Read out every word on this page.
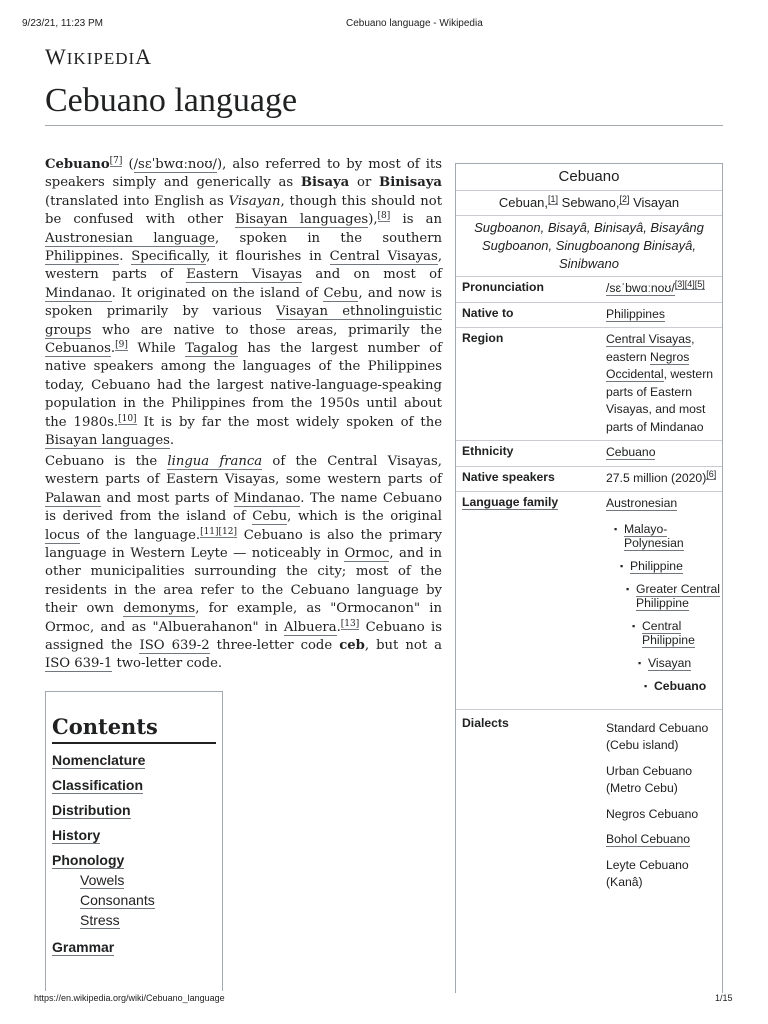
9/23/21, 11:23 PM	Cebuano language - Wikipedia
WIKIPEDIA
Cebuano language
Cebuano[7] (/sɛˈbwɑːnoʊ/), also referred to by most of its speakers simply and generically as Bisaya or Binisaya (translated into English as Visayan, though this should not be confused with other Bisayan languages),[8] is an Austronesian language, spoken in the southern Philippines. Specifically, it flourishes in Central Visayas, western parts of Eastern Visayas and on most of Mindanao. It originated on the island of Cebu, and now is spoken primarily by various Visayan ethnolinguistic groups who are native to those areas, primarily the Cebuanos.[9] While Tagalog has the largest number of native speakers among the languages of the Philippines today, Cebuano had the largest native-language-speaking population in the Philippines from the 1950s until about the 1980s.[10] It is by far the most widely spoken of the Bisayan languages.
Cebuano is the lingua franca of the Central Visayas, western parts of Eastern Visayas, some western parts of Palawan and most parts of Mindanao. The name Cebuano is derived from the island of Cebu, which is the original locus of the language.[11][12] Cebuano is also the primary language in Western Leyte — noticeably in Ormoc, and in other municipalities surrounding the city; most of the residents in the area refer to the Cebuano language by their own demonyms, for example, as "Ormocanon" in Ormoc, and as "Albuerahanon" in Albuera.[13] Cebuano is assigned the ISO 639-2 three-letter code ceb, but not a ISO 639-1 two-letter code.
Contents
Nomenclature
Classification
Distribution
History
Phonology
Vowels
Consonants
Stress
Grammar
Cebuano
Cebuan,[1] Sebwano,[2] Visayan
Sugboanon, Bisayâ, Binisayâ, Bisayâng Sugboanon, Sinugboanong Binisayâ, Sinibwano
Pronunciation	/sɛˈbwɑːnoʊ/[3][4][5]
Native to	Philippines
Region	Central Visayas, eastern Negros Occidental, western parts of Eastern Visayas, and most parts of Mindanao
Ethnicity	Cebuano
Native speakers	27.5 million (2020)[6]
Language family	Austronesian
▪ Malayo-Polynesian
▪ Philippine
▪ Greater Central Philippine
▪ Central Philippine
▪ Visayan
▪ Cebuano
Dialects	Standard Cebuano (Cebu island)
Urban Cebuano (Metro Cebu)
Negros Cebuano
Bohol Cebuano
Leyte Cebuano (Kanâ)
https://en.wikipedia.org/wiki/Cebuano_language	1/15
